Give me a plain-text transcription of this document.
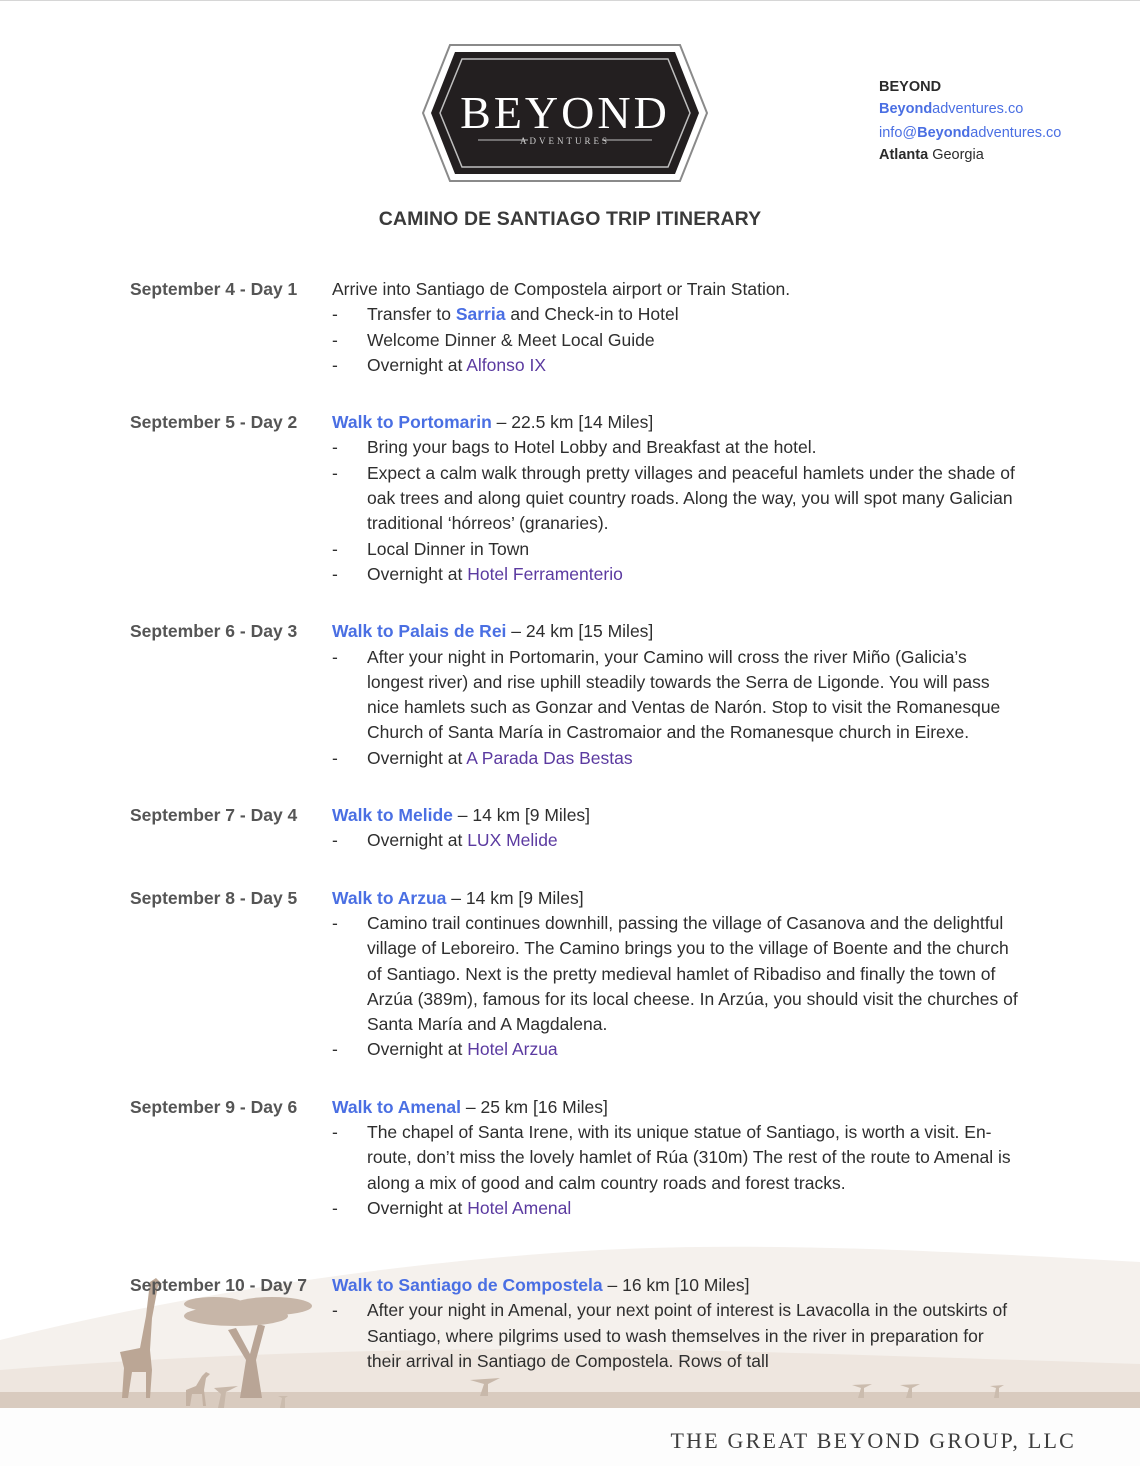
BEYOND
ADVENTURES
BEYOND
Beyondadventures.co
info@Beyondadventures.co
Atlanta Georgia
CAMINO DE SANTIAGO TRIP ITINERARY
September 4 - Day 1 Arrive into Santiago de Compostela airport or Train Station.
- Transfer to Sarria and Check-in to Hotel
- Welcome Dinner & Meet Local Guide
- Overnight at Alfonso IX
September 5 - Day 2 Walk to Portomarin – 22.5 km [14 Miles]
- Bring your bags to Hotel Lobby and Breakfast at the hotel.
- Expect a calm walk through pretty villages and peaceful hamlets under the shade of oak trees and along quiet country roads. Along the way, you will spot many Galician traditional ‘hórreos’ (granaries).
- Local Dinner in Town
- Overnight at Hotel Ferramenterio
September 6 - Day 3 Walk to Palais de Rei – 24 km [15 Miles]
- After your night in Portomarin, your Camino will cross the river Miño (Galicia’s longest river) and rise uphill steadily towards the Serra de Ligonde. You will pass nice hamlets such as Gonzar and Ventas de Narón. Stop to visit the Romanesque Church of Santa María in Castromaior and the Romanesque church in Eirexe.
- Overnight at A Parada Das Bestas
September 7 - Day 4 Walk to Melide – 14 km [9 Miles]
- Overnight at LUX Melide
September 8 - Day 5 Walk to Arzua – 14 km [9 Miles]
- Camino trail continues downhill, passing the village of Casanova and the delightful village of Leboreiro. The Camino brings you to the village of Boente and the church of Santiago. Next is the pretty medieval hamlet of Ribadiso and finally the town of Arzúa (389m), famous for its local cheese. In Arzúa, you should visit the churches of Santa María and A Magdalena.
- Overnight at Hotel Arzua
September 9 - Day 6 Walk to Amenal – 25 km [16 Miles]
- The chapel of Santa Irene, with its unique statue of Santiago, is worth a visit. En-route, don’t miss the lovely hamlet of Rúa (310m) The rest of the route to Amenal is along a mix of good and calm country roads and forest tracks.
- Overnight at Hotel Amenal
September 10 - Day 7 Walk to Santiago de Compostela – 16 km [10 Miles]
- After your night in Amenal, your next point of interest is Lavacolla in the outskirts of Santiago, where pilgrims used to wash themselves in the river in preparation for their arrival in Santiago de Compostela. Rows of tall
THE GREAT BEYOND GROUP, LLC
